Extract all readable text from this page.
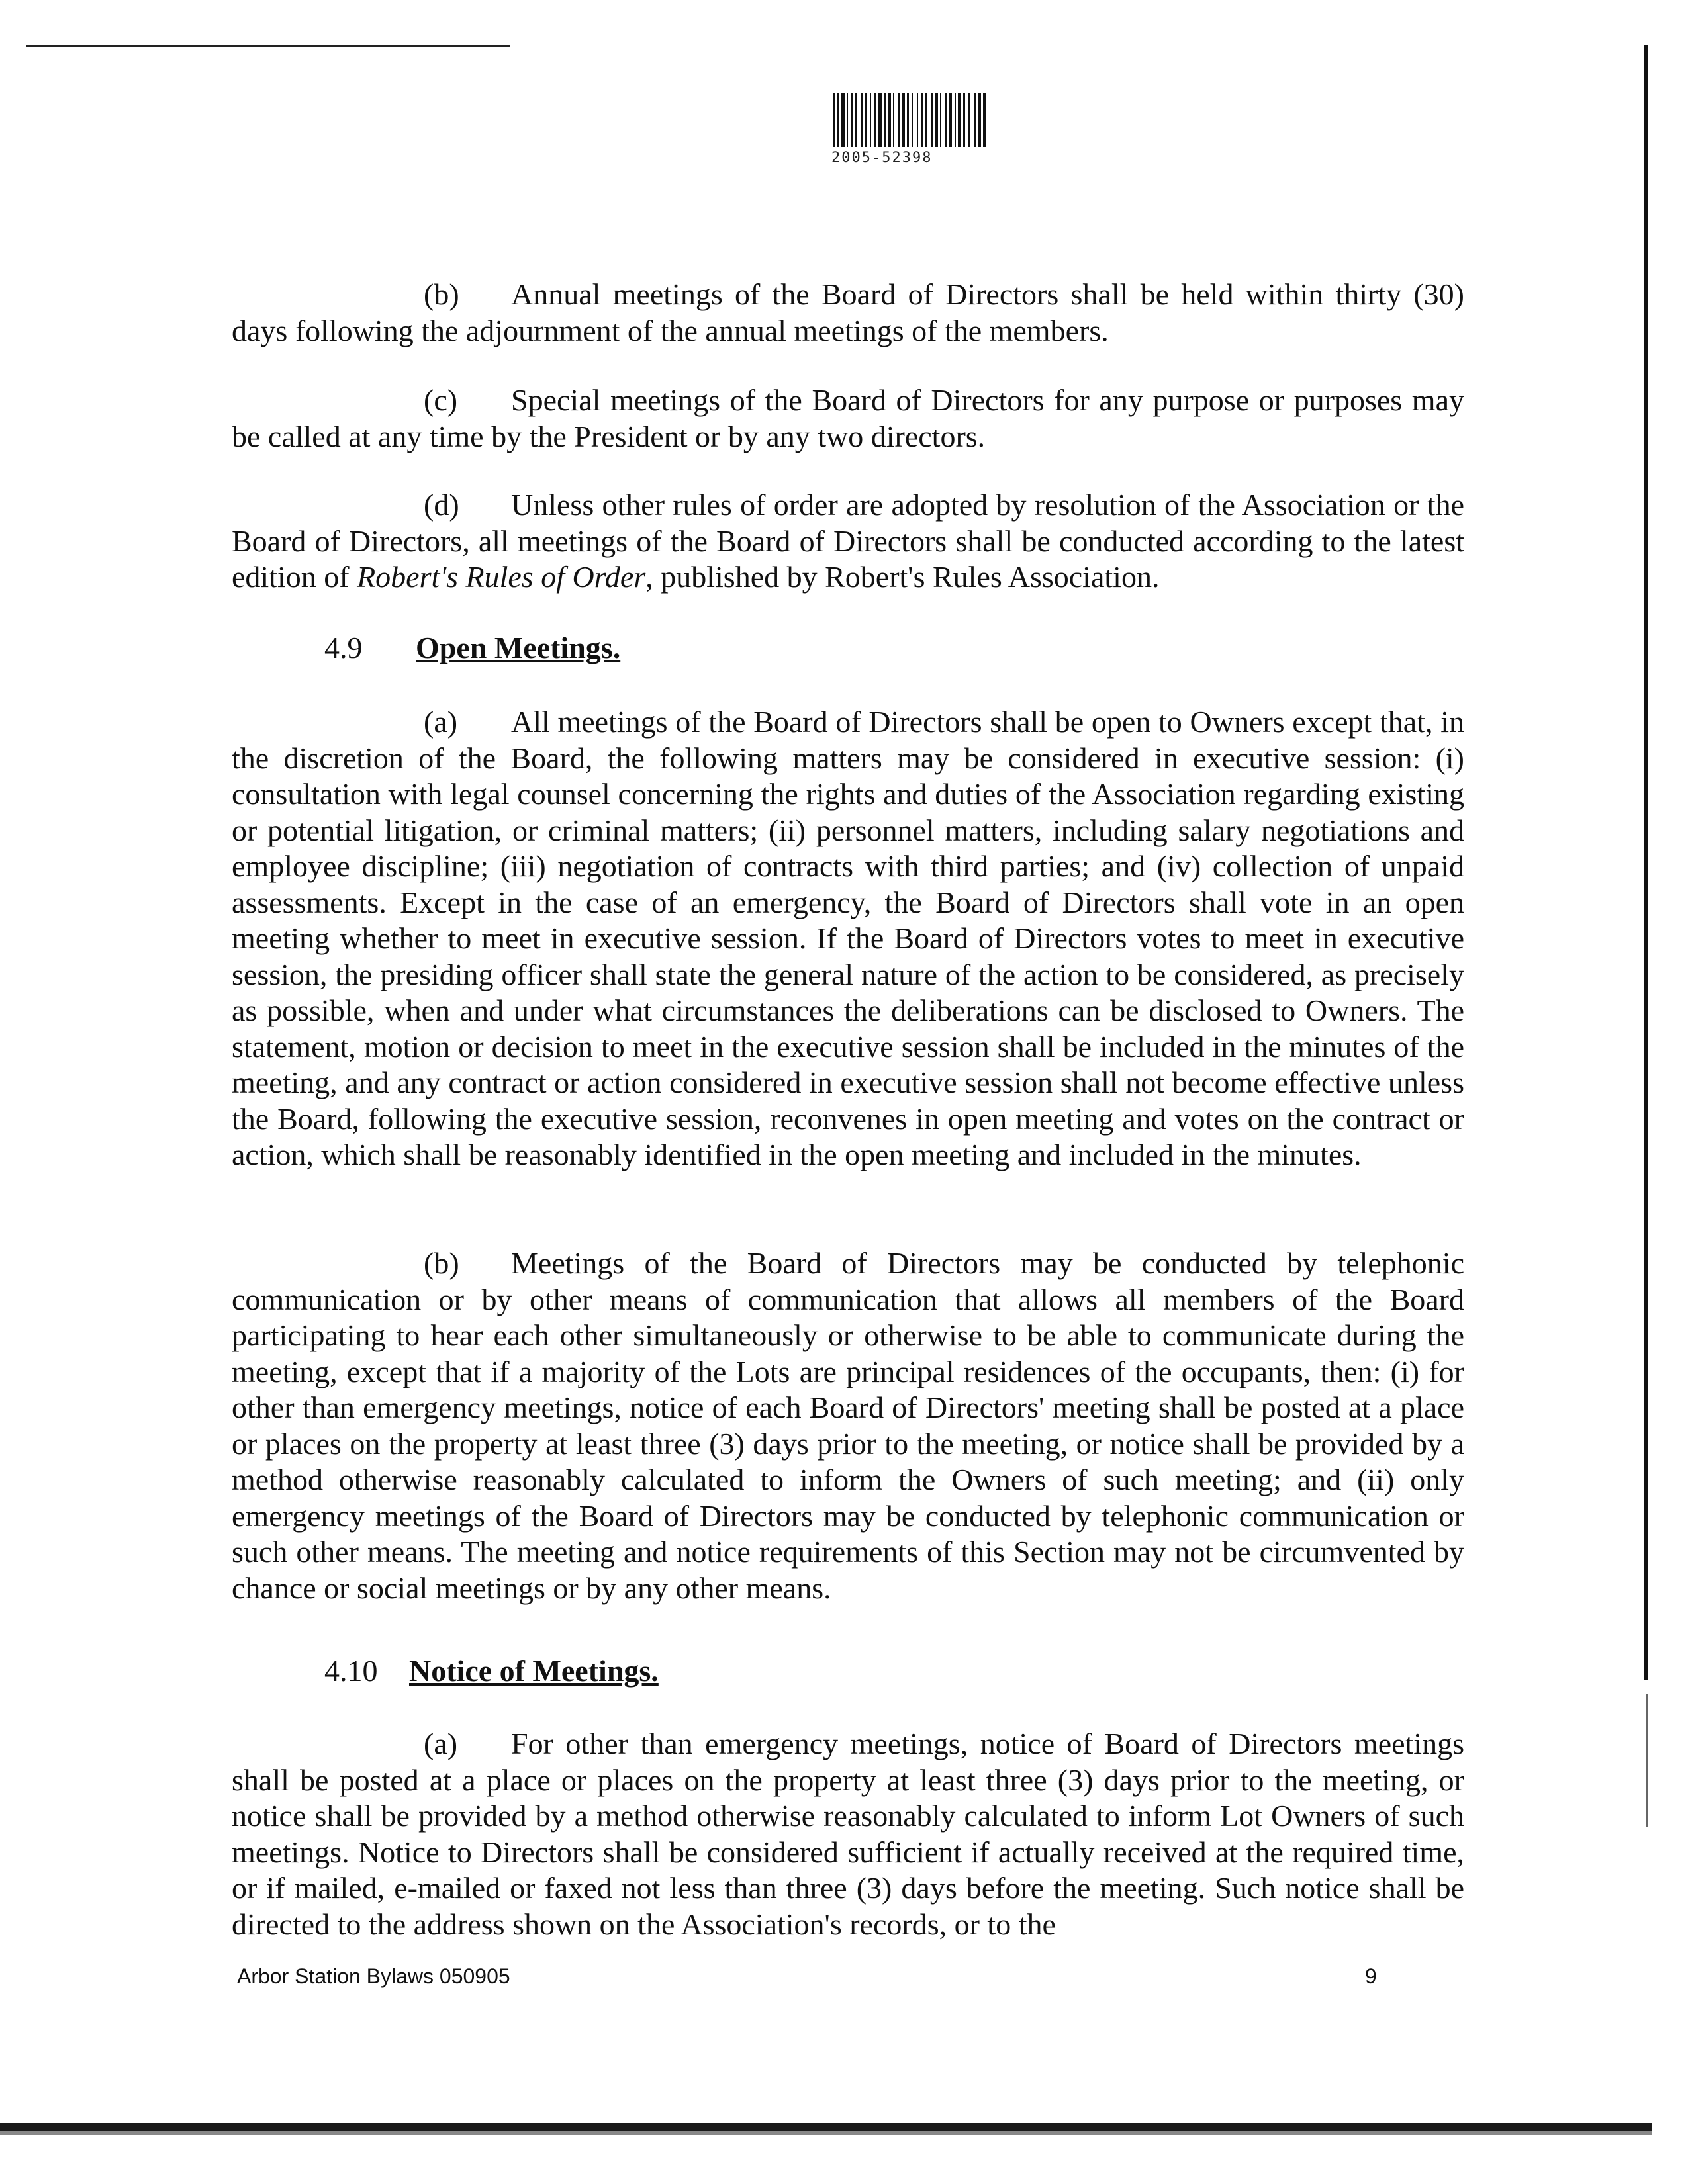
2005-52398
(b) Annual meetings of the Board of Directors shall be held within thirty (30) days following the adjournment of the annual meetings of the members.
(c) Special meetings of the Board of Directors for any purpose or purposes may be called at any time by the President or by any two directors.
(d) Unless other rules of order are adopted by resolution of the Association or the Board of Directors, all meetings of the Board of Directors shall be conducted according to the latest edition of Robert's Rules of Order, published by Robert's Rules Association.
4.9 Open Meetings.
(a) All meetings of the Board of Directors shall be open to Owners except that, in the discretion of the Board, the following matters may be considered in executive session: (i) consultation with legal counsel concerning the rights and duties of the Association regarding existing or potential litigation, or criminal matters; (ii) personnel matters, including salary negotiations and employee discipline; (iii) negotiation of contracts with third parties; and (iv) collection of unpaid assessments. Except in the case of an emergency, the Board of Directors shall vote in an open meeting whether to meet in executive session. If the Board of Directors votes to meet in executive session, the presiding officer shall state the general nature of the action to be considered, as precisely as possible, when and under what circumstances the deliberations can be disclosed to Owners. The statement, motion or decision to meet in the executive session shall be included in the minutes of the meeting, and any contract or action considered in executive session shall not become effective unless the Board, following the executive session, reconvenes in open meeting and votes on the contract or action, which shall be reasonably identified in the open meeting and included in the minutes.
(b) Meetings of the Board of Directors may be conducted by telephonic communication or by other means of communication that allows all members of the Board participating to hear each other simultaneously or otherwise to be able to communicate during the meeting, except that if a majority of the Lots are principal residences of the occupants, then: (i) for other than emergency meetings, notice of each Board of Directors' meeting shall be posted at a place or places on the property at least three (3) days prior to the meeting, or notice shall be provided by a method otherwise reasonably calculated to inform the Owners of such meeting; and (ii) only emergency meetings of the Board of Directors may be conducted by telephonic communication or such other means. The meeting and notice requirements of this Section may not be circumvented by chance or social meetings or by any other means.
4.10 Notice of Meetings.
(a) For other than emergency meetings, notice of Board of Directors meetings shall be posted at a place or places on the property at least three (3) days prior to the meeting, or notice shall be provided by a method otherwise reasonably calculated to inform Lot Owners of such meetings. Notice to Directors shall be considered sufficient if actually received at the required time, or if mailed, e-mailed or faxed not less than three (3) days before the meeting. Such notice shall be directed to the address shown on the Association's records, or to the
Arbor Station Bylaws 050905	9
